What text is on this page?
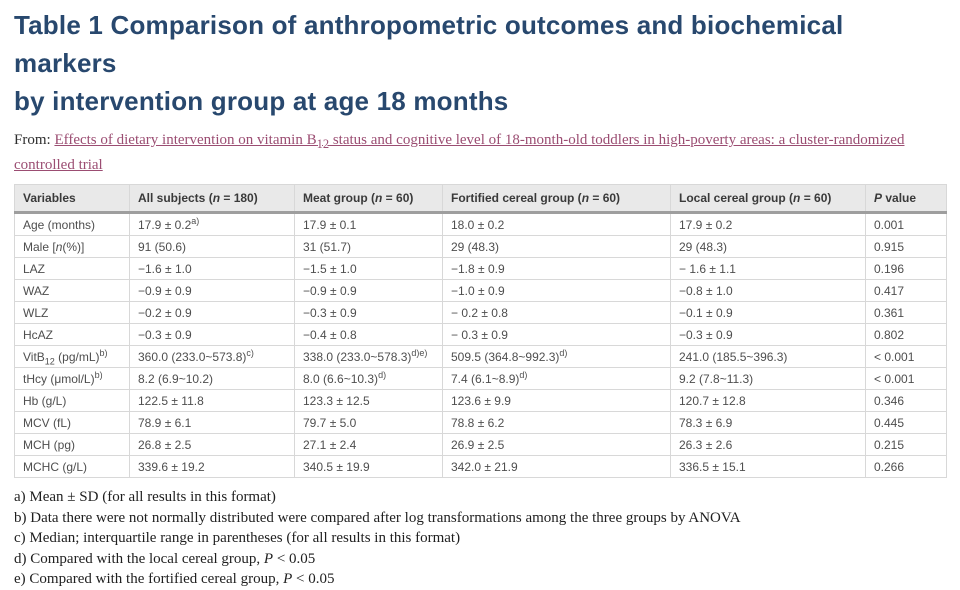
Table 1 Comparison of anthropometric outcomes and biochemical markers
by intervention group at age 18 months
From: Effects of dietary intervention on vitamin $B_{12}$ status and cognitive level of 18-month-old toddlers in high-poverty areas: a cluster-randomized controlled trial
Variables	All subjects (n = 180)	Meat group (n = 60)	Fortified cereal group (n = 60)	Local cereal group (n = 60)	P value
Age (months)	$17.9 \pm 0.2^{a)}$	17.9 ± 0.1	18.0 ± 0.2	17.9 ± 0.2	0.001
Male [n(%)]	91 (50.6)	31 (51.7)	29 (48.3)	29 (48.3)	0.915
LAZ	−1.6 ± 1.0	−1.5 ± 1.0	−1.8 ± 0.9	− 1.6 ± 1.1	0.196
WAZ	−0.9 ± 0.9	−0.9 ± 0.9	−1.0 ± 0.9	−0.8 ± 1.0	0.417
WLZ	−0.2 ± 0.9	−0.3 ± 0.9	− 0.2 ± 0.8	−0.1 ± 0.9	0.361
HcAZ	−0.3 ± 0.9	−0.4 ± 0.8	− 0.3 ± 0.9	−0.3 ± 0.9	0.802
VitB$_{12}$ $(pg/mL)^{b)}$	360.0 (233.0~573.8)$^{c)}$	338.0 (233.0~578.3)$^{d)e)}$	509.5 (364.8~992.3)$^{d)}$	241.0 (185.5~396.3)	< 0.001
tHcy $(\mu mol/L)^{b)}$	8.2 (6.9~10.2)	8.0 (6.6~10.3)$^{d)}$	7.4 (6.1~8.9)$^{d)}$	9.2 (7.8~11.3)	< 0.001
Hb (g/L)	122.5 ± 11.8	123.3 ± 12.5	123.6 ± 9.9	120.7 ± 12.8	0.346
MCV (fL)	78.9 ± 6.1	79.7 ± 5.0	78.8 ± 6.2	78.3 ± 6.9	0.445
MCH (pg)	26.8 ± 2.5	27.1 ± 2.4	26.9 ± 2.5	26.3 ± 2.6	0.215
MCHC (g/L)	339.6 ± 19.2	340.5 ± 19.9	342.0 ± 21.9	336.5 ± 15.1	0.266
a) Mean ± SD (for all results in this format)
b) Data there were not normally distributed were compared after log transformations among the three groups by ANOVA
c) Median; interquartile range in parentheses (for all results in this format)
d) Compared with the local cereal group, P < 0.05
e) Compared with the fortified cereal group, P < 0.05
